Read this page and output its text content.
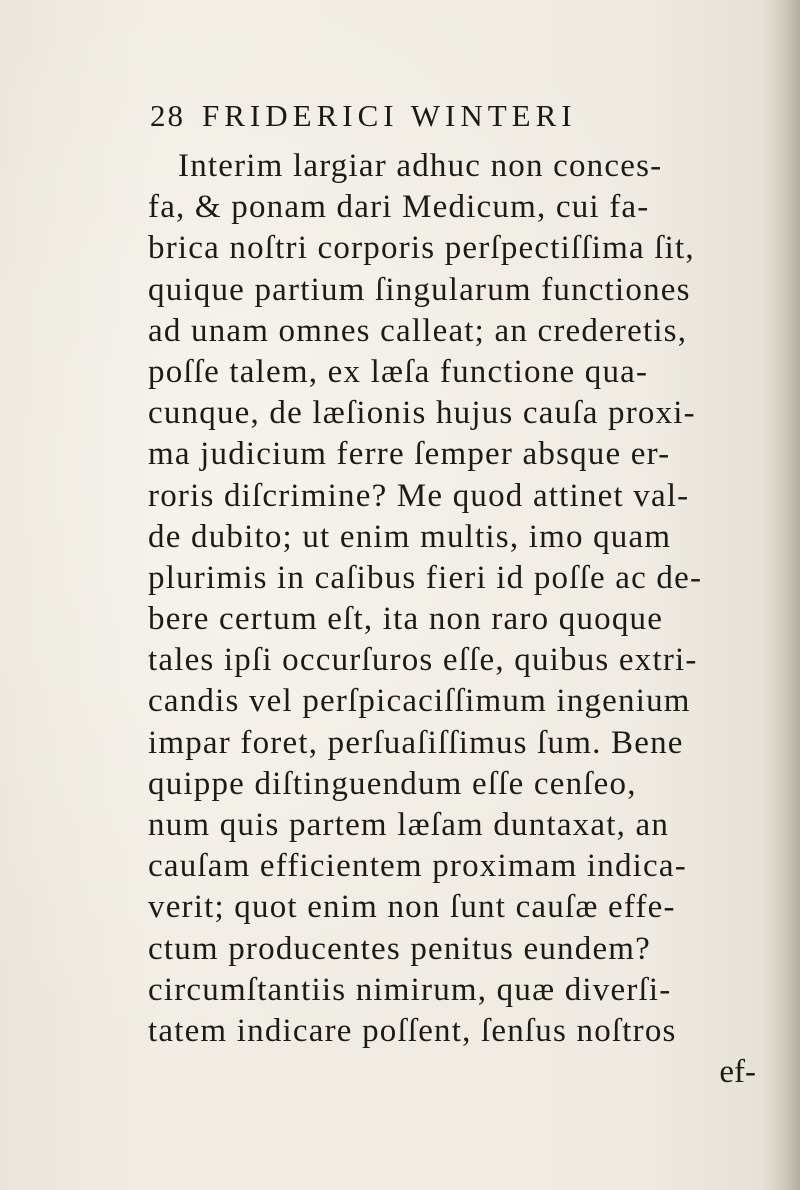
28 FRIDERICI WINTERI
Interim largiar adhuc non conces-
fa, & ponam dari Medicum, cui fa-
brica noſtri corporis perſpectiſſima ſit,
quique partium ſingularum functiones
ad unam omnes calleat; an crederetis,
poſſe talem, ex læſa functione qua-
cunque, de læſionis hujus cauſa proxi-
ma judicium ferre ſemper absque er-
roris diſcrimine? Me quod attinet val-
de dubito; ut enim multis, imo quam
plurimis in caſibus fieri id poſſe ac de-
bere certum eſt, ita non raro quoque
tales ipſi occurſuros eſſe, quibus extri-
candis vel perſpicaciſſimum ingenium
impar foret, perſuaſiſſimus ſum. Bene
quippe diſtinguendum eſſe cenſeo,
num quis partem læſam duntaxat, an
cauſam efficientem proximam indica-
verit; quot enim non ſunt cauſæ effe-
ctum producentes penitus eundem?
circumſtantiis nimirum, quæ diverſi-
tatem indicare poſſent, ſenſus noſtros
ef-
